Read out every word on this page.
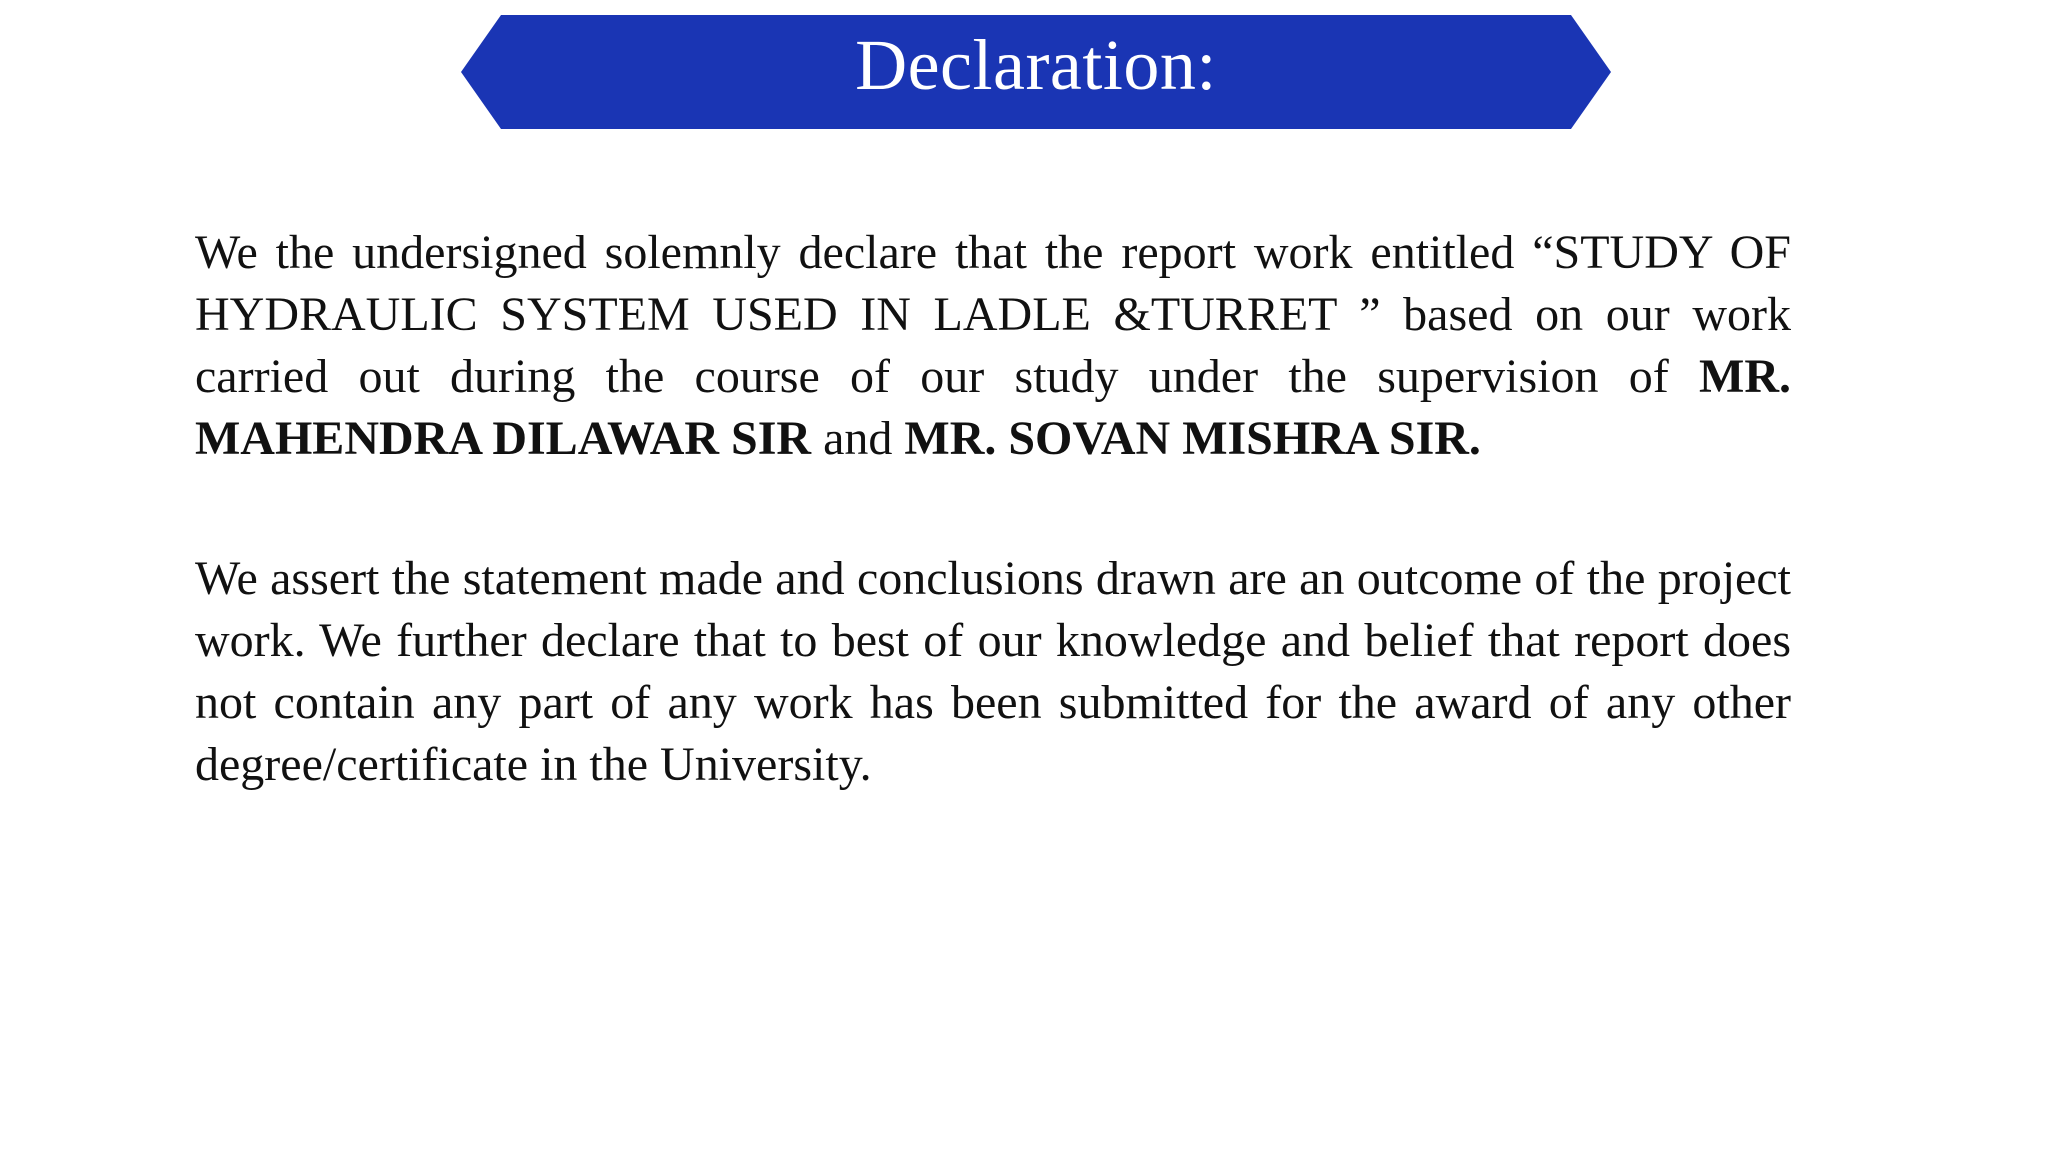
Declaration:
We the undersigned solemnly declare that the report work entitled “STUDY OF HYDRAULIC SYSTEM USED IN LADLE &TURRET ” based on our work carried out during the course of our study under the supervision of MR. MAHENDRA DILAWAR SIR and MR. SOVAN MISHRA SIR.
We assert the statement made and conclusions drawn are an outcome of the project work. We further declare that to best of our knowledge and belief that report does not contain any part of any work has been submitted for the award of any other degree/certificate in the University.
